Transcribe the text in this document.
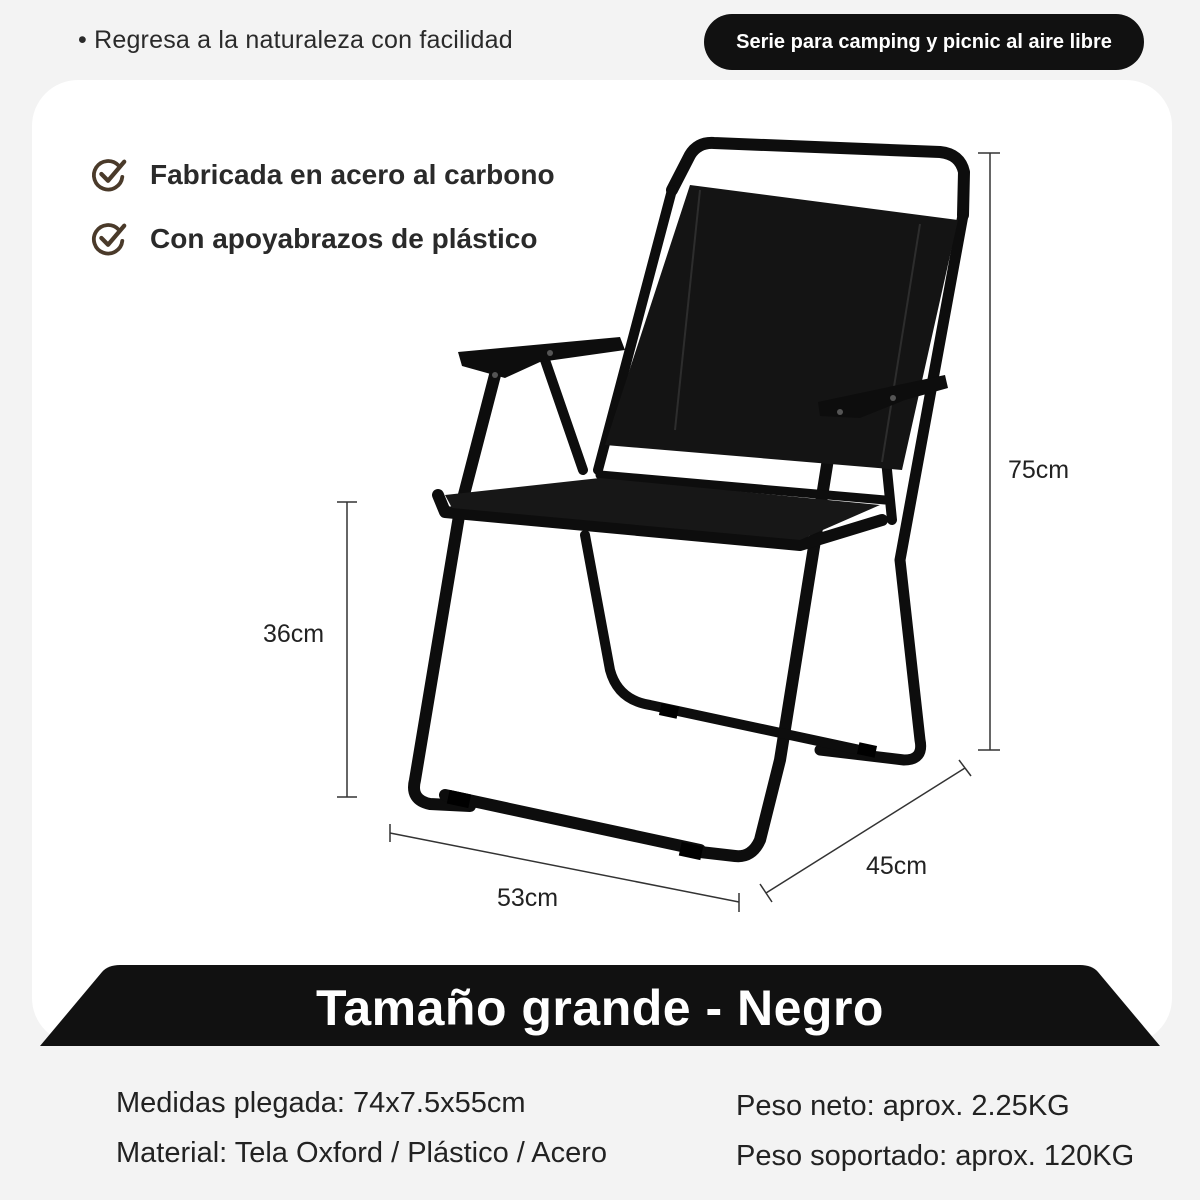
• Regresa a la naturaleza con facilidad	Serie para camping y picnic al aire libre
Fabricada en acero al carbono
Con apoyabrazos de plástico
75cm
36cm
53cm
45cm
Tamaño grande - Negro
Medidas plegada: 74x7.5x55cm
Material: Tela Oxford / Plástico / Acero
Peso neto: aprox. 2.25KG
Peso soportado: aprox. 120KG
